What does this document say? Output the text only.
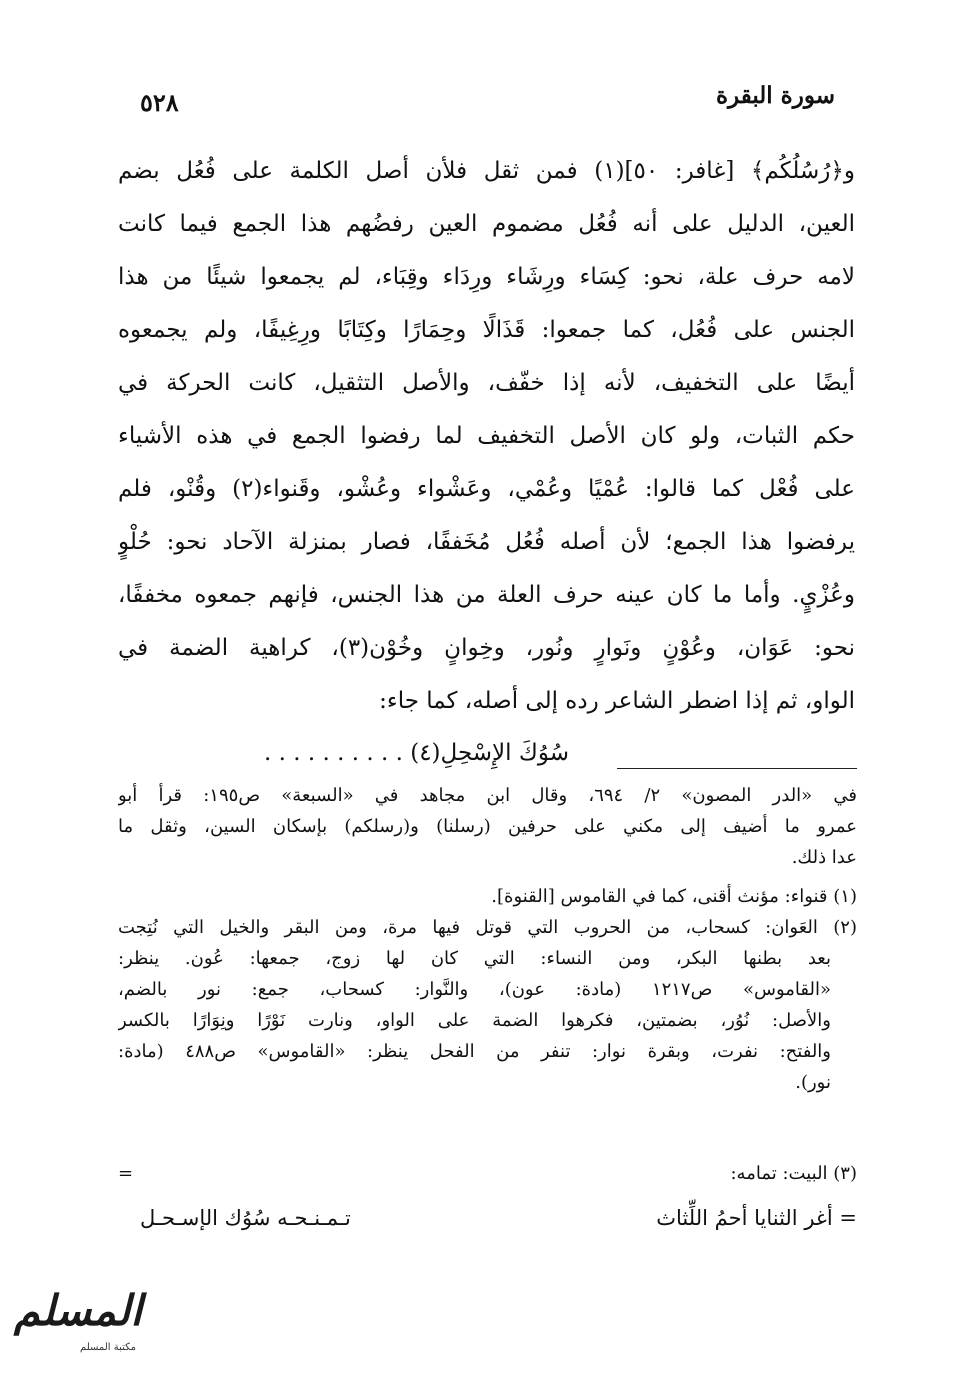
سورة البقرة
٥٢٨
و﴿رُسُلُكُم﴾ [غافر: ٥٠](١) فمن ثقل فلأن أصل الكلمة على فُعُل بضم
العين، الدليل على أنه فُعُل مضموم العين رفضُهم هذا الجمع فيما كانت
لامه حرف علة، نحو: كِسَاء ورِشَاء ورِدَاء وقِبَاء، لم يجمعوا شيئًا من هذا
الجنس على فُعُل، كما جمعوا: قَذَالًا وحِمَارًا وكِتَابًا ورِغِيفًا، ولم يجمعوه
أيضًا على التخفيف، لأنه إذا خفّف، والأصل التثقيل، كانت الحركة في
حكم الثبات، ولو كان الأصل التخفيف لما رفضوا الجمع في هذه الأشياء
على فُعْل كما قالوا: عُمْيًا وعُمْي، وعَشْواء وعُشْو، وقَنواء(٢) وقُنْو، فلم
يرفضوا هذا الجمع؛ لأن أصله فُعُل مُخَففًا، فصار بمنزلة الآحاد نحو: حُلْوٍ
وعُزْيٍ. وأما ما كان عينه حرف العلة من هذا الجنس، فإنهم جمعوه مخففًا،
نحو: عَوَان، وعُوْنٍ ونَوارٍ ونُور، وخِوانٍ وخُوْن(٣)، كراهية الضمة في
الواو، ثم إذا اضطر الشاعر رده إلى أصله، كما جاء:
سُوُكَ الإِسْحِلِ(٤) . . . . . . . . . .
في «الدر المصون» ٢/ ٦٩٤، وقال ابن مجاهد في «السبعة» ص١٩٥: قرأ أبو
عمرو ما أضيف إلى مكني على حرفين (رسلنا) و(رسلكم) بإسكان السين، وثقل ما
عدا ذلك.
(١) قنواء: مؤنث أقنى، كما في القاموس [القنوة].
(٢) العَوان: كسحاب، من الحروب التي قوتل فيها مرة، ومن البقر والخيل التي نُتِجت
بعد بطنها البكر، ومن النساء: التي كان لها زوج، جمعها: عُون. ينظر:
«القاموس» ص١٢١٧ (مادة: عون)، والنَّوار: كسحاب، جمع: نور بالضم،
والأصل: نُوُر، بضمتين، فكرهوا الضمة على الواو، ونارت نَوْرًا ونِوَارًا بالكسر
والفتح: نفرت، وبقرة نوار: تنفر من الفحل ينظر: «القاموس» ص٤٨٨ (مادة:
نور).
(٣) البيت: تمامه:
=
= أغر الثنايا أحمُ اللِّثاث
تـمـنـحـه سُوُك الإسـحـل
المسلم
مكتبة المسلم
